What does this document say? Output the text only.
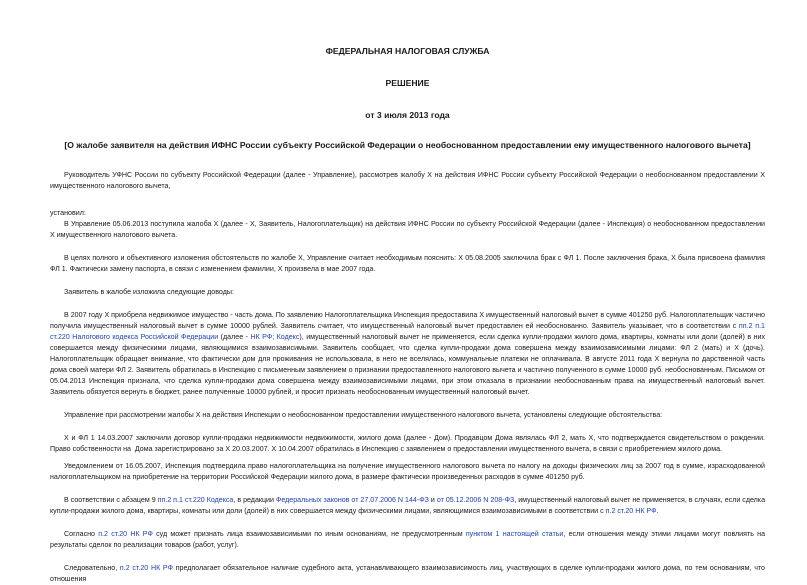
ФЕДЕРАЛЬНАЯ НАЛОГОВАЯ СЛУЖБА
РЕШЕНИЕ
от 3 июля 2013 года
[О жалобе заявителя на действия ИФНС России субъекту Российской Федерации о необоснованном предоставлении ему имущественного налогового вычета]

Руководитель УФНС России по субъекту Российской Федерации (далее - Управление), рассмотрев жалобу X на действия ИФНС России субъекту Российской Федерации о необоснованном предоставлении X имущественного налогового вычета,

установил:

В Управление 05.06.2013 поступила жалоба X (далее - X, Заявитель, Налогоплательщик) на действия ИФНС России по субъекту Российской Федерации (далее - Инспекция) о необоснованном предоставлении X имущественного налогового вычета.

В целях полного и объективного изложения обстоятельств по жалобе X, Управление считает необходимым пояснить: X 05.08.2005 заключила брак с ФЛ 1. После заключения брака, X была присвоена фамилия ФЛ 1. Фактически замену паспорта, в связи с изменением фамилии, X произвела в мае 2007 года.

Заявитель в жалобе изложила следующие доводы:

В 2007 году X приобрела недвижимое имущество - часть дома. По заявлению Налогоплательщика Инспекция предоставила X имущественный налоговый вычет в сумме 401250 руб. Налогоплательщик частично получила имущественный налоговый вычет в сумме 10000 рублей. Заявитель считает, что имущественный налоговый вычет предоставлен ей необоснованно. Заявитель указывает, что в соответствии с пп.2 п.1 ст.220 Налогового кодекса Российской Федерации (далее - НК РФ; Кодекс), имущественный налоговый вычет не применяется, если сделка купли-продажи жилого дома, квартиры, комнаты или доли (долей) в них совершается между физическими лицами, являющимися взаимозависимыми. Заявитель сообщает, что сделка купли-продажи дома совершена между взаимозависимыми лицами: ФЛ 2 (мать) и X (дочь). Налогоплательщик обращает внимание, что фактически дом для проживания не использовала, в него не вселялась, коммунальные платежи не оплачивала. В августе 2011 года X вернула по дарственной часть дома своей матери ФЛ 2. Заявитель обратилась в Инспекцию с письменным заявлением о признании предоставленного налогового вычета и частично полученного в сумме 10000 руб. необоснованным. Письмом от 05.04.2013 Инспекция признала, что сделка купли-продажи дома совершена между взаимозависимыми лицами, при этом отказала в признании необоснованным права на имущественный налоговый вычет. Заявитель обязуется вернуть в бюджет, ранее полученные 10000 рублей, и просит признать необоснованным имущественный налоговый вычет.

Управление при рассмотрении жалобы X на действия Инспекции о необоснованном предоставлении имущественного налогового вычета, установлены следующие обстоятельства:

X и ФЛ 1 14.03.2007 заключили договор купли-продажи недвижимости недвижимости, жилого дома (далее - Дом). Продавцом Дома являлась ФЛ 2, мать X, что подтверждается свидетельством о рождении. Право собственности на  Дома зарегистрировано за X 20.03.2007. X 10.04.2007 обратилась в Инспекцию с заявлением о предоставлении имущественного вычета, в связи с приобретением жилого дома.

Уведомлением от 16.05.2007, Инспекция подтвердила право налогоплательщика на получение имущественного налогового вычета по налогу на доходы физических лиц за 2007 год в сумме, израсходованной налогоплательщиком на приобретение на территории Российской Федерации жилого дома, в размере фактически произведенных расходов в сумме 401250 руб.

В соответствии с абзацем 9 пп.2 п.1 ст.220 Кодекса, в редакции Федеральных законов от 27.07.2006 N 144-ФЗ и от 05.12.2006 N 208-ФЗ, имущественный налоговый вычет не применяется, в случаях, если сделка купли-продажи жилого дома, квартиры, комнаты или доли (долей) в них совершается между физическими лицами, являющимися взаимозависимыми в соответствии с п.2 ст.20 НК РФ.

Согласно п.2 ст.20 НК РФ суд может признать лица взаимозависимыми по иным основаниям, не предусмотренным пунктом 1 настоящей статьи, если отношения между этими лицами могут повлиять на результаты сделок по реализации товаров (работ, услуг).

Следовательно, п.2 ст.20 НК РФ предполагает обязательное наличие судебного акта, устанавливающего взаимозависимость лиц, участвующих в сделке купли-продажи жилого дома, по тем основаниям, что отношения
